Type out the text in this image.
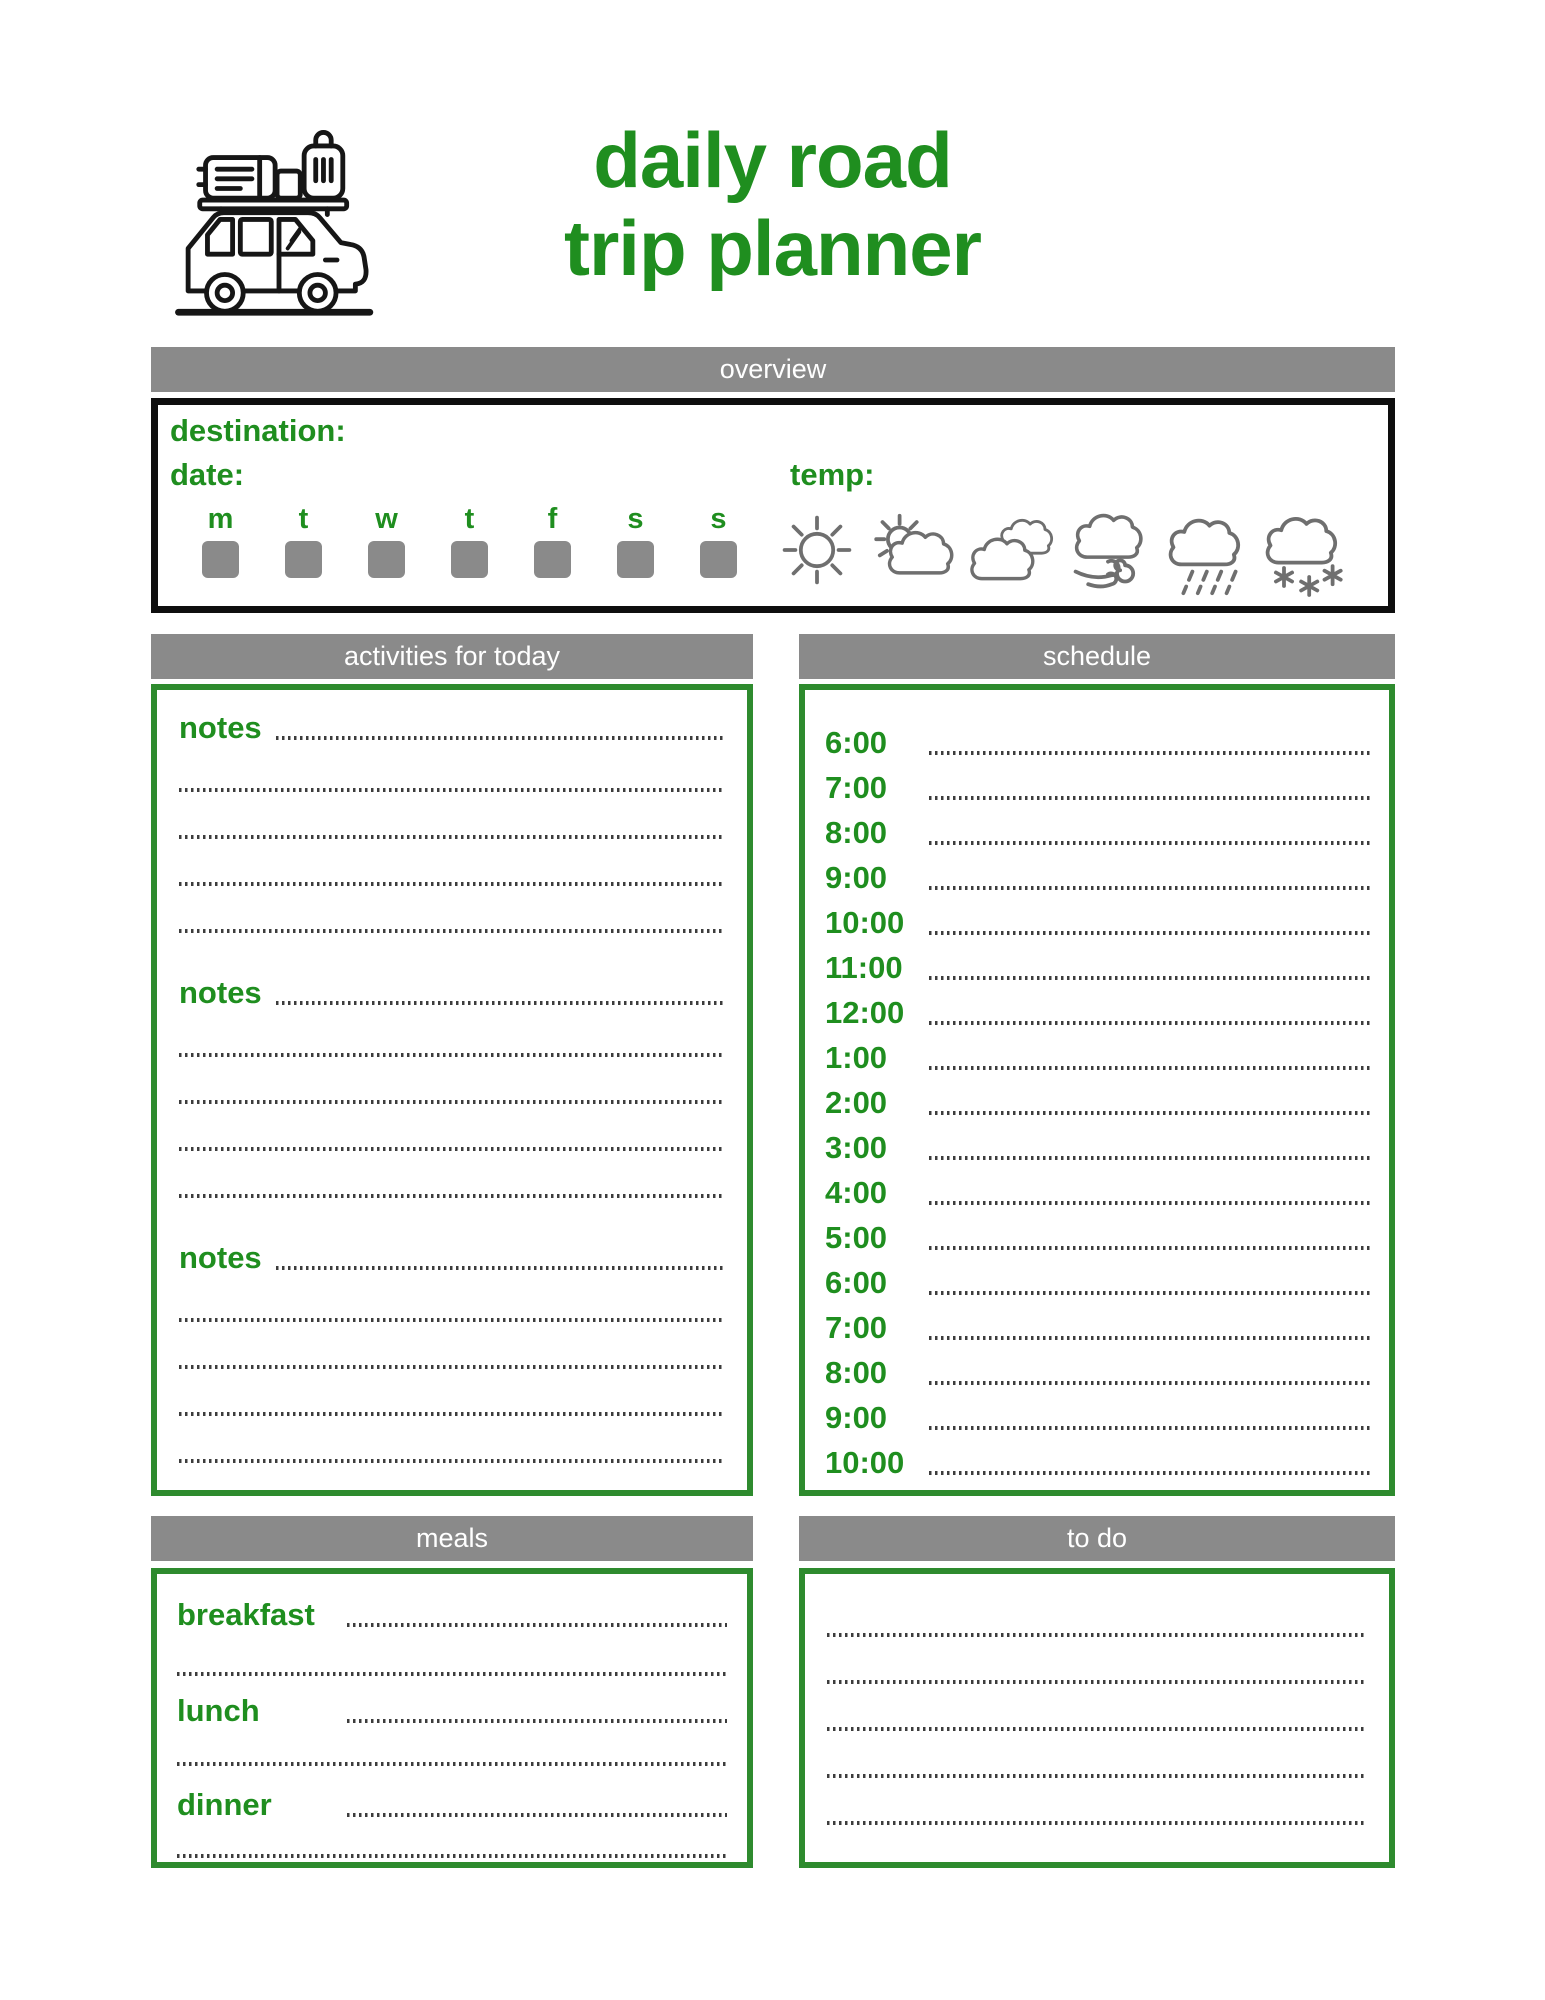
daily road
trip planner
overview
destination:
date:	temp:
m t w t	f s s
activities for today	schedule
notes
notes
notes
6:00
7:00
8:00
9:00
10:00
11:00
12:00
1:00
2:00
3:00
4:00
5:00
6:00
7:00
8:00
9:00
10:00
meals	to do
breakfast
lunch
dinner
